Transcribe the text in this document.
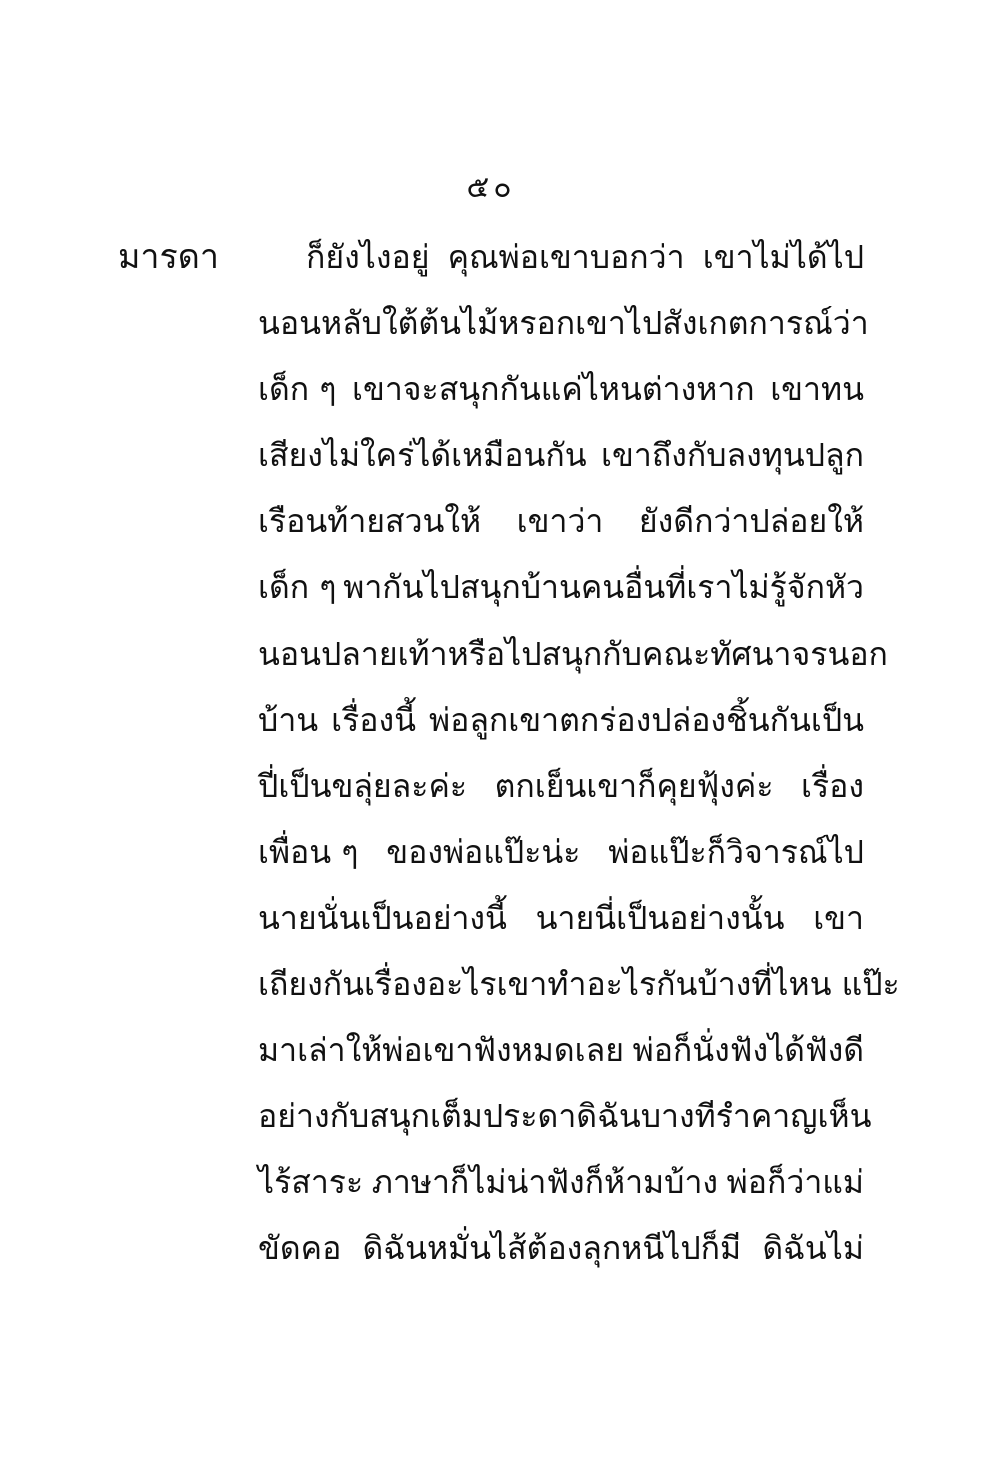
๕๐
มารดา	ก็ยังไงอยู่ คุณพ่อเขาบอกว่า เขาไม่ได้ไป
นอนหลับใต้ต้นไม้หรอก เขาไปสังเกตการณ์ว่า
เด็ก ๆ เขาจะสนุกกันแค่ไหนต่างหาก เขาทน
เสียงไม่ใคร่ได้เหมือนกัน เขาถึงกับลงทุนปลูก
เรือนท้ายสวนให้ เขาว่า ยังดีกว่าปล่อยให้
เด็ก ๆ พากันไปสนุกบ้านคนอื่นที่เราไม่รู้จักหัว
นอนปลายเท้าหรือไปสนุกกับคณะทัศนาจรนอก
บ้าน เรื่องนี้ พ่อลูกเขาตกร่องปล่องชิ้นกันเป็น
ปี่เป็นขลุ่ยละค่ะ ตกเย็นเขาก็คุยฟุ้งค่ะ เรื่อง
เพื่อน ๆ ของพ่อแป๊ะน่ะ พ่อแป๊ะก็วิจารณ์ไป
นายนั่นเป็นอย่างนี้ นายนี่เป็นอย่างนั้น เขา
เถียงกันเรื่องอะไรเขาทำอะไรกันบ้างที่ไหน แป๊ะ
มาเล่าให้พ่อเขาฟังหมดเลย พ่อก็นั่งฟังได้ฟังดี
อย่างกับสนุกเต็มประดา ดิฉันบางทีรำคาญเห็น
ไร้สาระ ภาษาก็ไม่น่าฟังก็ห้ามบ้าง พ่อก็ว่าแม่
ขัดคอ ดิฉันหมั่นไส้ต้องลุกหนีไปก็มี ดิฉันไม่
